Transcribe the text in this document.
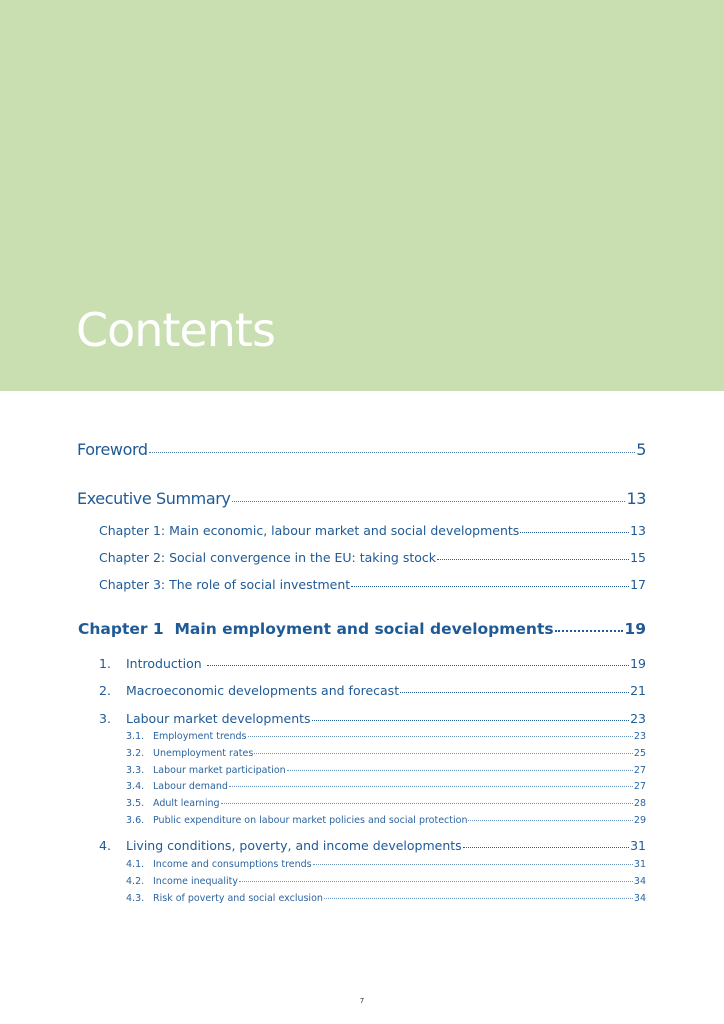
Contents
Foreword	5
Executive Summary	13
Chapter 1: Main economic, labour market and social developments	13
Chapter 2: Social convergence in the EU: taking stock	15
Chapter 3: The role of social investment	17
Chapter 1  Main employment and social developments	19
1.	Introduction	19
2.	Macroeconomic developments and forecast	21
3.	Labour market developments	23
3.1. Employment trends	23
3.2. Unemployment rates	25
3.3. Labour market participation	27
3.4. Labour demand	27
3.5. Adult learning	28
3.6. Public expenditure on labour market policies and social protection	29
4.	Living conditions, poverty, and income developments	31
4.1. Income and consumptions trends	31
4.2. Income inequality	34
4.3. Risk of poverty and social exclusion	34
7
